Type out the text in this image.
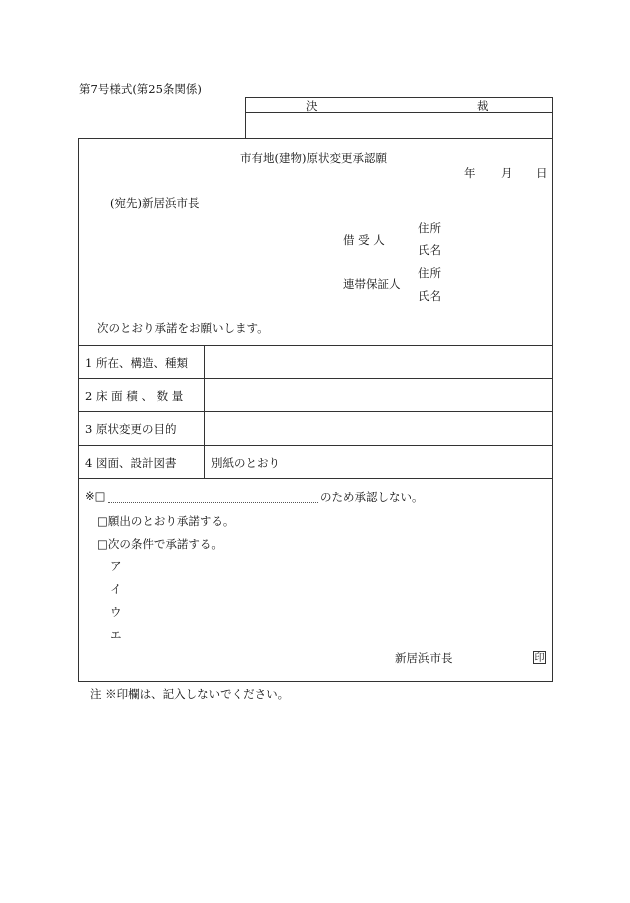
第7号様式(第25条関係)
決	裁
市有地(建物)原状変更承認願
年 月 日
(宛先)新居浜市長
借 受 人
住所
氏名
連帯保証人
住所
氏名
次のとおり承諾をお願いします。
1 所在、構造、種類
2 床 面 積 、 数 量
3 原状変更の目的
4 図面、設計図書	別紙のとおり
※□	のため承認しない。
□願出のとおり承諾する。
□次の条件で承諾する。
ア
イ
ウ
エ
新居浜市長	印
注 ※印欄は、記入しないでください。
